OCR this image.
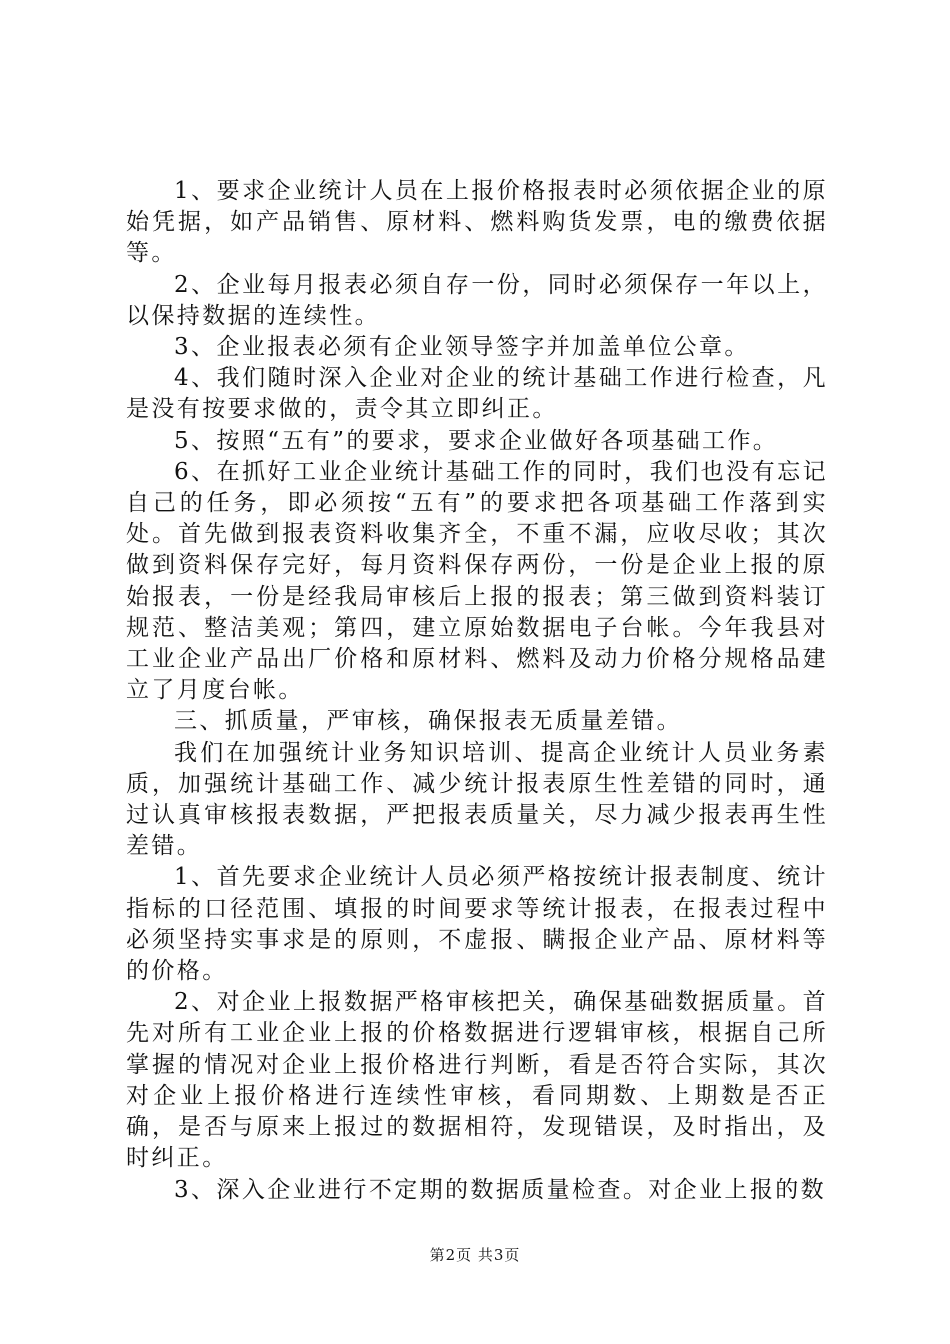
1、要求企业统计人员在上报价格报表时必须依据企业的原始凭据，如产品销售、原材料、燃料购货发票，电的缴费依据等。

2、企业每月报表必须自存一份，同时必须保存一年以上，以保持数据的连续性。

3、企业报表必须有企业领导签字并加盖单位公章。

4、我们随时深入企业对企业的统计基础工作进行检查，凡是没有按要求做的，责令其立即纠正。

5、按照“五有”的要求，要求企业做好各项基础工作。

6、在抓好工业企业统计基础工作的同时，我们也没有忘记自己的任务，即必须按“五有”的要求把各项基础工作落到实处。首先做到报表资料收集齐全，不重不漏，应收尽收；其次做到资料保存完好，每月资料保存两份，一份是企业上报的原始报表，一份是经我局审核后上报的报表；第三做到资料装订规范、整洁美观；第四，建立原始数据电子台帐。今年我县对工业企业产品出厂价格和原材料、燃料及动力价格分规格品建立了月度台帐。

三、抓质量，严审核，确保报表无质量差错。

我们在加强统计业务知识培训、提高企业统计人员业务素质，加强统计基础工作、减少统计报表原生性差错的同时，通过认真审核报表数据，严把报表质量关，尽力减少报表再生性差错。

1、首先要求企业统计人员必须严格按统计报表制度、统计指标的口径范围、填报的时间要求等统计报表，在报表过程中必须坚持实事求是的原则，不虚报、瞒报企业产品、原材料等的价格。

2、对企业上报数据严格审核把关，确保基础数据质量。首先对所有工业企业上报的价格数据进行逻辑审核，根据自己所掌握的情况对企业上报价格进行判断，看是否符合实际，其次对企业上报价格进行连续性审核，看同期数、上期数是否正确，是否与原来上报过的数据相符，发现错误，及时指出，及时纠正。

3、深入企业进行不定期的数据质量检查。对企业上报的数

第2页 共3页
